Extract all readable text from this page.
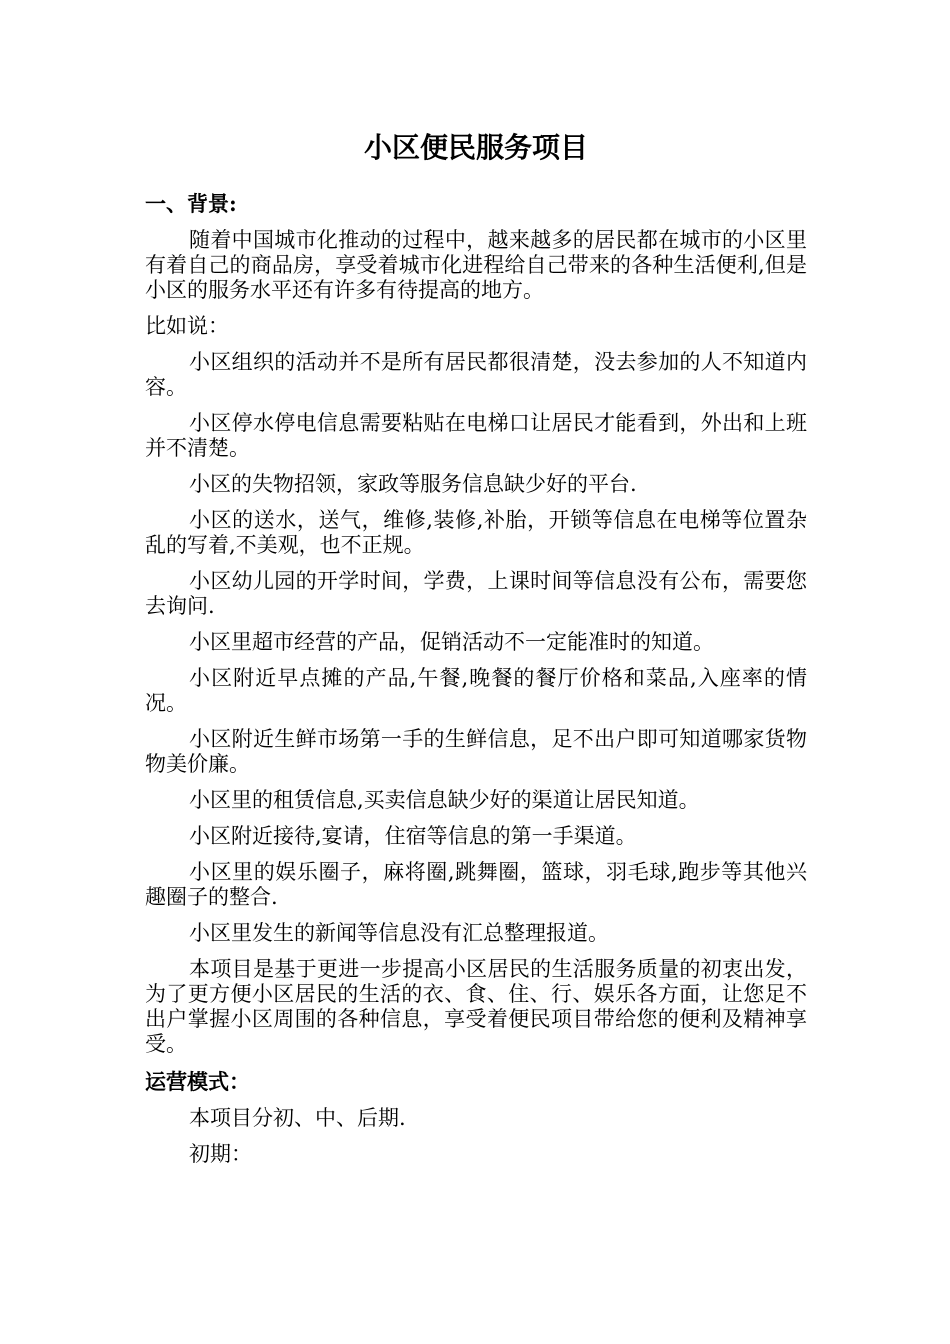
小区便民服务项目
一、背景:
随着中国城市化推动的过程中，越来越多的居民都在城市的小区里有着自己的商品房，享受着城市化进程给自己带来的各种生活便利,但是小区的服务水平还有许多有待提高的地方。
比如说：
小区组织的活动并不是所有居民都很清楚，没去参加的人不知道内容。
小区停水停电信息需要粘贴在电梯口让居民才能看到，外出和上班并不清楚。
小区的失物招领，家政等服务信息缺少好的平台.
小区的送水，送气，维修,装修,补胎，开锁等信息在电梯等位置杂乱的写着,不美观，也不正规。
小区幼儿园的开学时间，学费，上课时间等信息没有公布，需要您去询问.
小区里超市经营的产品，促销活动不一定能准时的知道。
小区附近早点摊的产品,午餐,晚餐的餐厅价格和菜品,入座率的情况。
小区附近生鲜市场第一手的生鲜信息，足不出户即可知道哪家货物物美价廉。
小区里的租赁信息,买卖信息缺少好的渠道让居民知道。
小区附近接待,宴请，住宿等信息的第一手渠道。
小区里的娱乐圈子，麻将圈,跳舞圈，篮球，羽毛球,跑步等其他兴趣圈子的整合.
小区里发生的新闻等信息没有汇总整理报道。
本项目是基于更进一步提高小区居民的生活服务质量的初衷出发，为了更方便小区居民的生活的衣、食、住、行、娱乐各方面，让您足不出户掌握小区周围的各种信息，享受着便民项目带给您的便利及精神享受。
运营模式：
本项目分初、中、后期.
初期：
